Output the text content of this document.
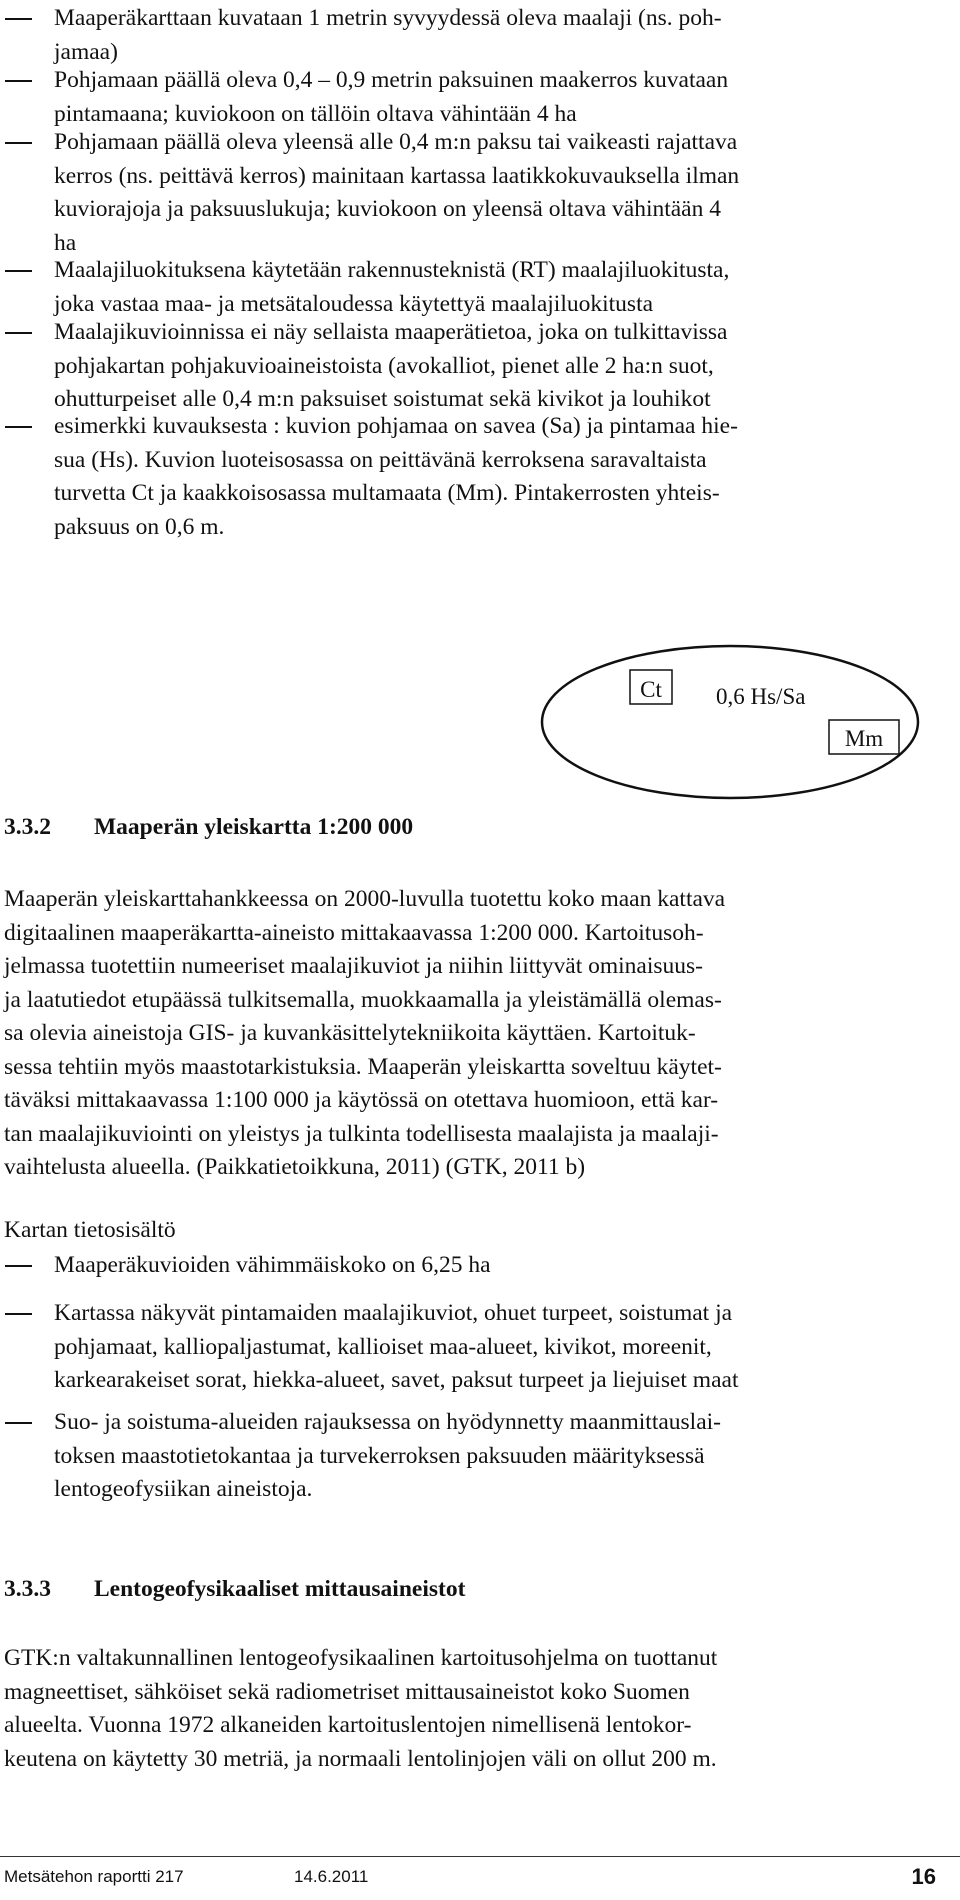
Maaperäkarttaan kuvataan 1 metrin syvyydessä oleva maalaji (ns. poh-
jamaa)
Pohjamaan päällä oleva 0,4 – 0,9 metrin paksuinen maakerros kuvataan
pintamaana; kuviokoon on tällöin oltava vähintään 4 ha
Pohjamaan päällä oleva yleensä alle 0,4 m:n paksu tai vaikeasti rajattava
kerros (ns. peittävä kerros) mainitaan kartassa laatikkokuvauksella ilman
kuviorajoja ja paksuuslukuja; kuviokoon on yleensä oltava vähintään 4
ha
Maalajiluokituksena käytetään rakennusteknistä (RT) maalajiluokitusta,
joka vastaa maa- ja metsätaloudessa käytettyä maalajiluokitusta
Maalajikuvioinnissa ei näy sellaista maaperätietoa, joka on tulkittavissa
pohjakartan pohjakuvioaineistoista (avokalliot, pienet alle 2 ha:n suot,
ohutturpeiset alle 0,4 m:n paksuiset soistumat sekä kivikot ja louhikot
esimerkki kuvauksesta : kuvion pohjamaa on savea (Sa) ja pintamaa hie-
sua (Hs). Kuvion luoteisosassa on peittävänä kerroksena saravaltaista
turvetta Ct ja kaakkoisosassa multamaata (Mm). Pintakerrosten yhteis-
paksuus on 0,6 m.
Ct 0,6 Hs/Sa
Mm
3.3.2 Maaperän yleiskartta 1:200 000
Maaperän yleiskarttahankkeessa on 2000-luvulla tuotettu koko maan kattava
digitaalinen maaperäkartta-aineisto mittakaavassa 1:200 000. Kartoitusoh-
jelmassa tuotettiin numeeriset maalajikuviot ja niihin liittyvät ominaisuus-
ja laatutiedot etupäässä tulkitsemalla, muokkaamalla ja yleistämällä olemas-
sa olevia aineistoja GIS- ja kuvankäsittelytekniikoita käyttäen. Kartoituk-
sessa tehtiin myös maastotarkistuksia. Maaperän yleiskartta soveltuu käytet-
täväksi mittakaavassa 1:100 000 ja käytössä on otettava huomioon, että kar-
tan maalajikuviointi on yleistys ja tulkinta todellisesta maalajista ja maalaji-
vaihtelusta alueella. (Paikkatietoikkuna, 2011) (GTK, 2011 b)
Kartan tietosisältö
Maaperäkuvioiden vähimmäiskoko on 6,25 ha
Kartassa näkyvät pintamaiden maalajikuviot, ohuet turpeet, soistumat ja
pohjamaat, kalliopaljastumat, kallioiset maa-alueet, kivikot, moreenit,
karkearakeiset sorat, hiekka-alueet, savet, paksut turpeet ja liejuiset maat
Suo- ja soistuma-alueiden rajauksessa on hyödynnetty maanmittauslai-
toksen maastotietokantaa ja turvekerroksen paksuuden määrityksessä
lentogeofysiikan aineistoja.
3.3.3 Lentogeofysikaaliset mittausaineistot
GTK:n valtakunnallinen lentogeofysikaalinen kartoitusohjelma on tuottanut
magneettiset, sähköiset sekä radiometriset mittausaineistot koko Suomen
alueelta. Vuonna 1972 alkaneiden kartoituslentojen nimellisenä lentokor-
keutena on käytetty 30 metriä, ja normaali lentolinjojen väli on ollut 200 m.
Metsätehon raportti 217	14.6.2011	16
